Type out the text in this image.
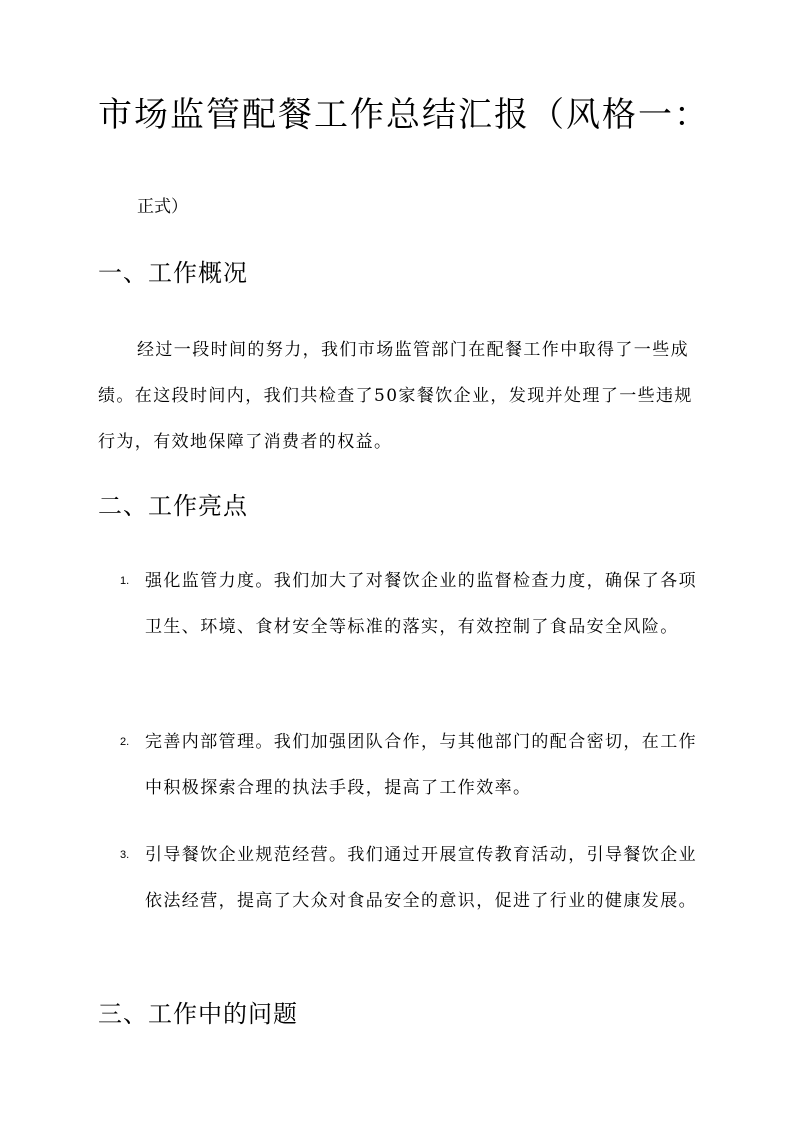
市场监管配餐工作总结汇报（风格一：

正式）

一、工作概况

经过一段时间的努力，我们市场监管部门在配餐工作中取得了一些成绩。在这段时间内，我们共检查了50家餐饮企业，发现并处理了一些违规行为，有效地保障了消费者的权益。

二、工作亮点
1. 强化监管力度。我们加大了对餐饮企业的监督检查力度，确保了各项卫生、环境、食材安全等标准的落实，有效控制了食品安全风险。
2. 完善内部管理。我们加强团队合作，与其他部门的配合密切，在工作中积极探索合理的执法手段，提高了工作效率。
3. 引导餐饮企业规范经营。我们通过开展宣传教育活动，引导餐饮企业依法经营，提高了大众对食品安全的意识，促进了行业的健康发展。
三、工作中的问题
